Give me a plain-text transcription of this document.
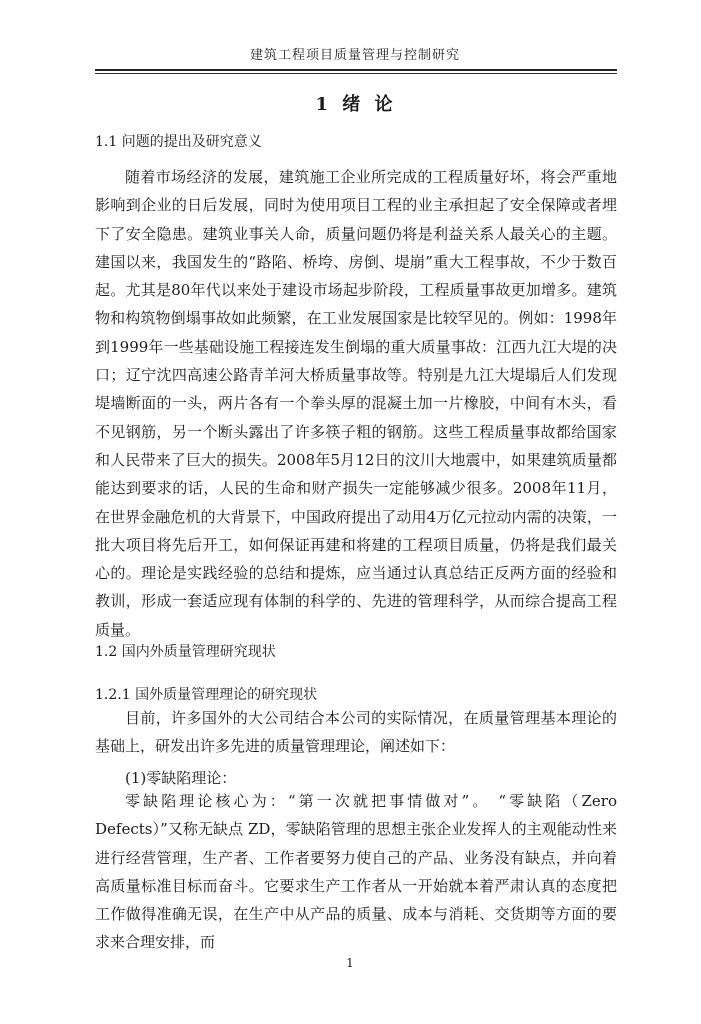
建筑工程项目质量管理与控制研究
1 绪 论
1.1 问题的提出及研究意义

随着市场经济的发展，建筑施工企业所完成的工程质量好坏，将会严重地影响到企业的日后发展，同时为使用项目工程的业主承担起了安全保障或者埋下了安全隐患。建筑业事关人命，质量问题仍将是利益关系人最关心的主题。建国以来，我国发生的“路陷、桥垮、房倒、堤崩”重大工程事故，不少于数百起。尤其是80年代以来处于建设市场起步阶段，工程质量事故更加增多。建筑物和构筑物倒塌事故如此频繁，在工业发展国家是比较罕见的。例如：1998年到1999年一些基础设施工程接连发生倒塌的重大质量事故：江西九江大堤的决口；辽宁沈四高速公路青羊河大桥质量事故等。特别是九江大堤塌后人们发现堤墙断面的一头，两片各有一个拳头厚的混凝土加一片橡胶，中间有木头，看不见钢筋，另一个断头露出了许多筷子粗的钢筋。这些工程质量事故都给国家和人民带来了巨大的损失。2008年5月12日的汶川大地震中，如果建筑质量都能达到要求的话，人民的生命和财产损失一定能够减少很多。2008年11月，在世界金融危机的大背景下，中国政府提出了动用4万亿元拉动内需的决策，一批大项目将先后开工，如何保证再建和将建的工程项目质量，仍将是我们最关心的。理论是实践经验的总结和提炼，应当通过认真总结正反两方面的经验和教训，形成一套适应现有体制的科学的、先进的管理科学，从而综合提高工程质量。

1.2 国内外质量管理研究现状
1.2.1 国外质量管理理论的研究现状

目前，许多国外的大公司结合本公司的实际情况，在质量管理基本理论的基础上，研发出许多先进的质量管理理论，阐述如下：

(1)零缺陷理论：

零缺陷理论核心为：“第一次就把事情做对”。 “零缺陷（Zero Defects）”又称无缺点 ZD，零缺陷管理的思想主张企业发挥人的主观能动性来进行经营管理，生产者、工作者要努力使自己的产品、业务没有缺点，并向着高质量标准目标而奋斗。它要求生产工作者从一开始就本着严肃认真的态度把工作做得准确无误，在生产中从产品的质量、成本与消耗、交货期等方面的要求来合理安排，而

1
